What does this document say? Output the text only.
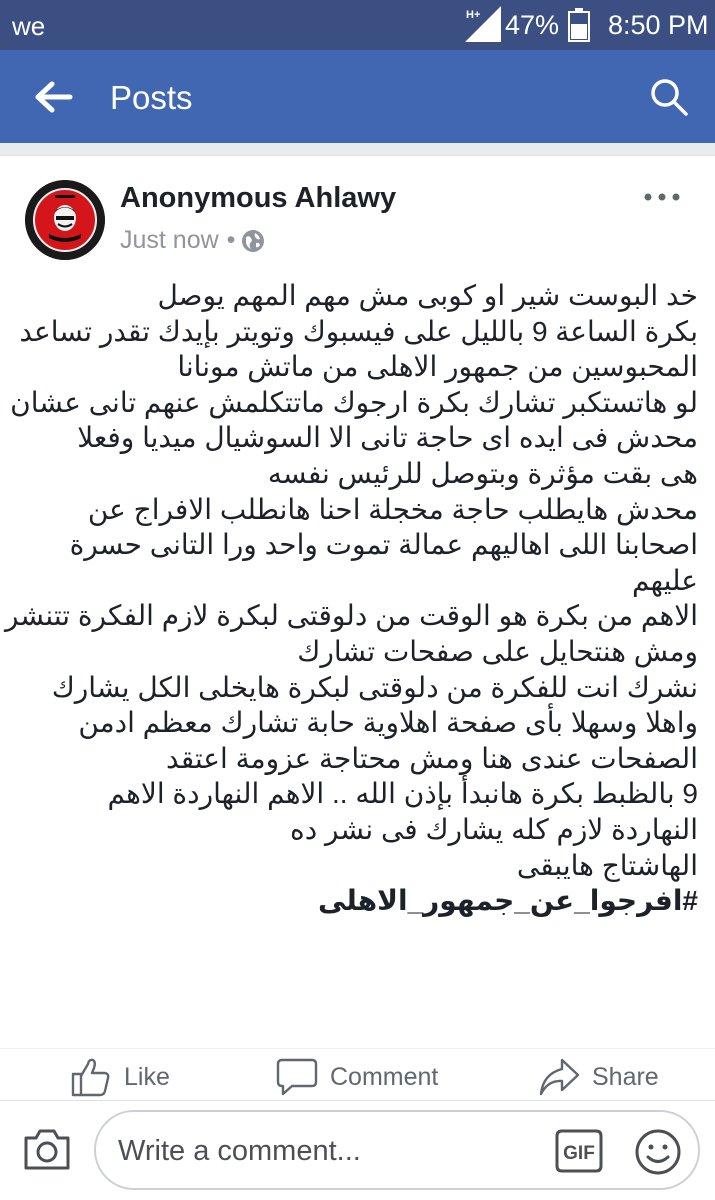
we	H+ 47% 8:50 PM
Posts
Anonymous Ahlawy
Just now •
خد البوست شير او كوبى مش مهم المهم يوصل
بكرة الساعة 9 بالليل على فيسبوك وتويتر بإيدك تقدر تساعد
المحبوسين من جمهور الاهلى من ماتش مونانا
لو هاتستكبر تشارك بكرة ارجوك ماتتكلمش عنهم تانى عشان
محدش فى ايده اى حاجة تانى الا السوشيال ميديا وفعلا
هى بقت مؤثرة وبتوصل للرئيس نفسه
محدش هايطلب حاجة مخجلة احنا هانطلب الافراج عن
اصحابنا اللى اهاليهم عمالة تموت واحد ورا التانى حسرة
عليهم
الاهم من بكرة هو الوقت من دلوقتى لبكرة لازم الفكرة تتنشر
ومش هنتحايل على صفحات تشارك
نشرك انت للفكرة من دلوقتى لبكرة هايخلى الكل يشارك
واهلا وسهلا بأى صفحة اهلاوية حابة تشارك معظم ادمن
الصفحات عندى هنا ومش محتاجة عزومة اعتقد
9 بالظبط بكرة هانبدأ بإذن الله .. الاهم النهاردة الاهم
النهاردة لازم كله يشارك فى نشر ده
الهاشتاج هايبقى
#افرجوا_عن_جمهور_الاهلى
Like	Comment	Share
Write a comment...	GIF
